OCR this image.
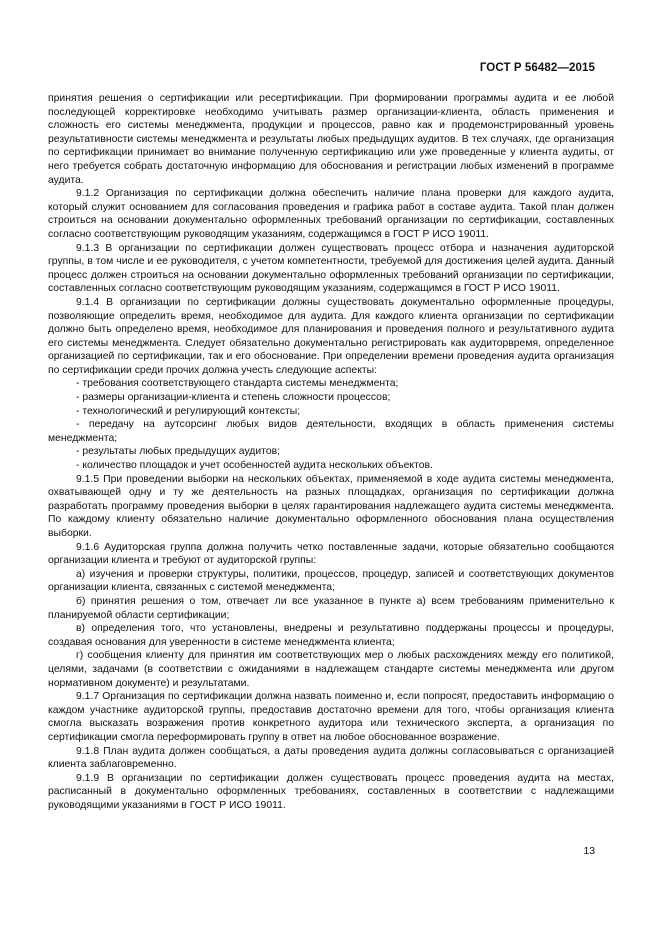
ГОСТ Р 56482—2015

принятия решения о сертификации или ресертификации. При формировании программы аудита и ее любой последующей корректировке необходимо учитывать размер организации-клиента, область применения и сложность его системы менеджмента, продукции и процессов, равно как и продемонстрированный уровень результативности системы менеджмента и результаты любых предыдущих аудитов. В тех случаях, где организация по сертификации принимает во внимание полученную сертификацию или уже проведенные у клиента аудиты, от него требуется собрать достаточную информацию для обоснования и регистрации любых изменений в программе аудита.

9.1.2 Организация по сертификации должна обеспечить наличие плана проверки для каждого аудита, который служит основанием для согласования проведения и графика работ в составе аудита. Такой план должен строиться на основании документально оформленных требований организации по сертификации, составленных согласно соответствующим руководящим указаниям, содержащимся в ГОСТ Р ИСО 19011.

9.1.3 В организации по сертификации должен существовать процесс отбора и назначения аудиторской группы, в том числе и ее руководителя, с учетом компетентности, требуемой для достижения целей аудита. Данный процесс должен строиться на основании документально оформленных требований организации по сертификации, составленных согласно соответствующим руководящим указаниям, содержащимся в ГОСТ Р ИСО 19011.

9.1.4 В организации по сертификации должны существовать документально оформленные процедуры, позволяющие определить время, необходимое для аудита. Для каждого клиента организации по сертификации должно быть определено время, необходимое для планирования и проведения полного и результативного аудита его системы менеджмента. Следует обязательно документально регистрировать как аудиторвремя, определенное организацией по сертификации, так и его обоснование. При определении времени проведения аудита организация по сертификации среди прочих должна учесть следующие аспекты:

- требования соответствующего стандарта системы менеджмента;

- размеры организации-клиента и степень сложности процессов;

- технологический и регулирующий контексты;

- передачу на аутсорсинг любых видов деятельности, входящих в область применения системы менеджмента;

- результаты любых предыдущих аудитов;

- количество площадок и учет особенностей аудита нескольких объектов.

9.1.5 При проведении выборки на нескольких объектах, применяемой в ходе аудита системы менеджмента, охватывающей одну и ту же деятельность на разных площадках, организация по сертификации должна разработать программу проведения выборки в целях гарантирования надлежащего аудита системы менеджмента. По каждому клиенту обязательно наличие документально оформленного обоснования плана осуществления выборки.

9.1.6 Аудиторская группа должна получить четко поставленные задачи, которые обязательно сообщаются организации клиента и требуют от аудиторской группы:

а) изучения и проверки структуры, политики, процессов, процедур, записей и соответствующих документов организации клиента, связанных с системой менеджмента;

б) принятия решения о том, отвечает ли все указанное в пункте а) всем требованиям применительно к планируемой области сертификации;

в) определения того, что установлены, внедрены и результативно поддержаны процессы и процедуры, создавая основания для уверенности в системе менеджмента клиента;

г) сообщения клиенту для принятия им соответствующих мер о любых расхождениях между его политикой, целями, задачами (в соответствии с ожиданиями в надлежащем стандарте системы менеджмента или другом нормативном документе) и результатами.

9.1.7 Организация по сертификации должна назвать поименно и, если попросят, предоставить информацию о каждом участнике аудиторской группы, предоставив достаточно времени для того, чтобы организация клиента смогла высказать возражения против конкретного аудитора или технического эксперта, а организация по сертификации смогла переформировать группу в ответ на любое обоснованное возражение.

9.1.8 План аудита должен сообщаться, а даты проведения аудита должны согласовываться с организацией клиента заблаговременно.

9.1.9 В организации по сертификации должен существовать процесс проведения аудита на местах, расписанный в документально оформленных требованиях, составленных в соответствии с надлежащими руководящими указаниями в ГОСТ Р ИСО 19011.

13
